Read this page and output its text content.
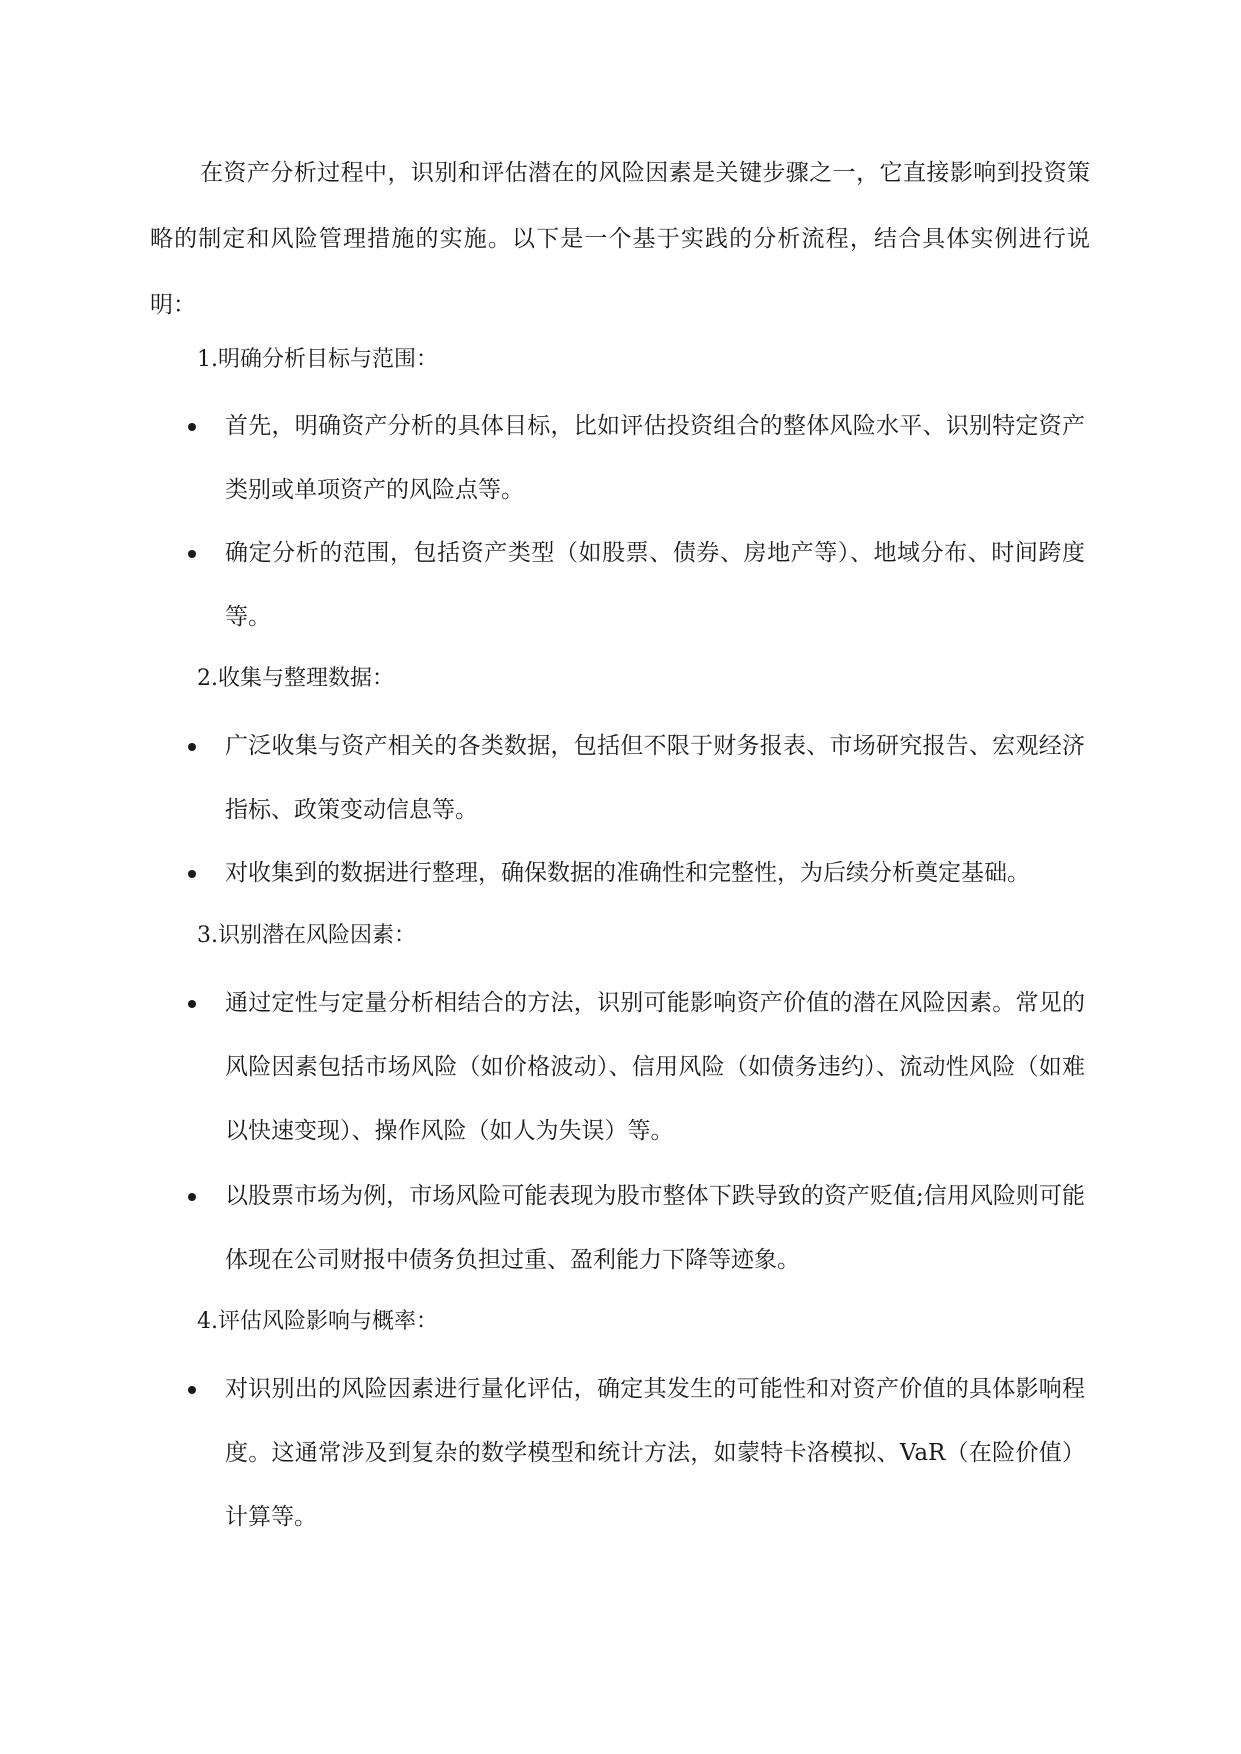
在资产分析过程中，识别和评估潜在的风险因素是关键步骤之一，它直接影响到投资策略的制定和风险管理措施的实施。以下是一个基于实践的分析流程，结合具体实例进行说明：

1.明确分析目标与范围：

首先，明确资产分析的具体目标，比如评估投资组合的整体风险水平、识别特定资产类别或单项资产的风险点等。
确定分析的范围，包括资产类型（如股票、债券、房地产等）、地域分布、时间跨度等。

2.收集与整理数据：

广泛收集与资产相关的各类数据，包括但不限于财务报表、市场研究报告、宏观经济指标、政策变动信息等。
对收集到的数据进行整理，确保数据的准确性和完整性，为后续分析奠定基础。

3.识别潜在风险因素：

通过定性与定量分析相结合的方法，识别可能影响资产价值的潜在风险因素。常见的风险因素包括市场风险（如价格波动）、信用风险（如债务违约）、流动性风险（如难以快速变现）、操作风险（如人为失误）等。
以股票市场为例，市场风险可能表现为股市整体下跌导致的资产贬值;信用风险则可能体现在公司财报中债务负担过重、盈利能力下降等迹象。

4.评估风险影响与概率：

对识别出的风险因素进行量化评估，确定其发生的可能性和对资产价值的具体影响程度。这通常涉及到复杂的数学模型和统计方法，如蒙特卡洛模拟、VaR（在险价值）计算等。
